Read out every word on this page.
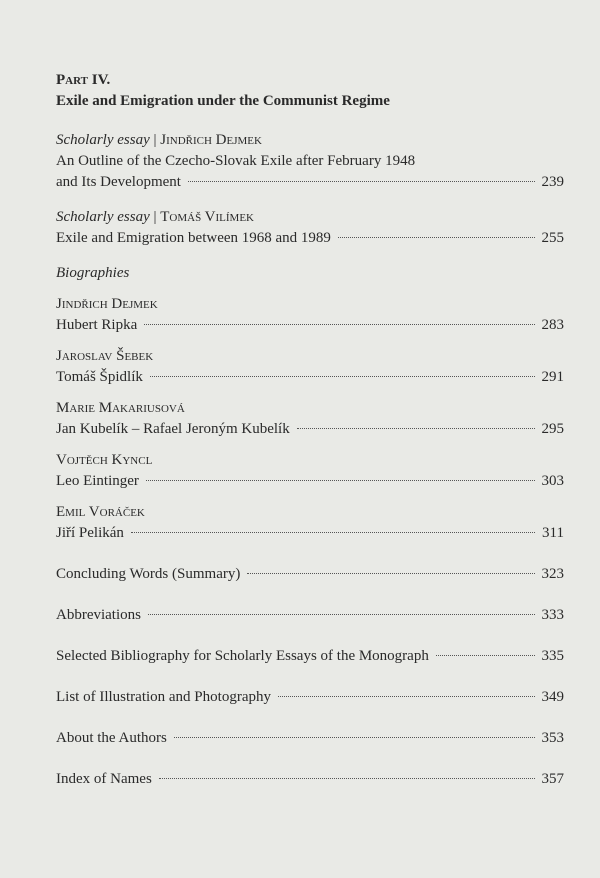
Part IV.
Exile and Emigration under the Communist Regime
Scholarly essay | Jindřich Dejmek
An Outline of the Czecho-Slovak Exile after February 1948
and Its Development	239
Scholarly essay | Tomáš Vilímek
Exile and Emigration between 1968 and 1989	255
Biographies
Jindřich Dejmek
Hubert Ripka	283
Jaroslav Šebek
Tomáš Špidlík	291
Marie Makariusová
Jan Kubelík – Rafael Jeroným Kubelík	295
Vojtěch Kyncl
Leo Eintinger	303
Emil Voráček
Jiří Pelikán	311
Concluding Words (Summary)	323
Abbreviations	333
Selected Bibliography for Scholarly Essays of the Monograph	335
List of Illustration and Photography	349
About the Authors	353
Index of Names	357
